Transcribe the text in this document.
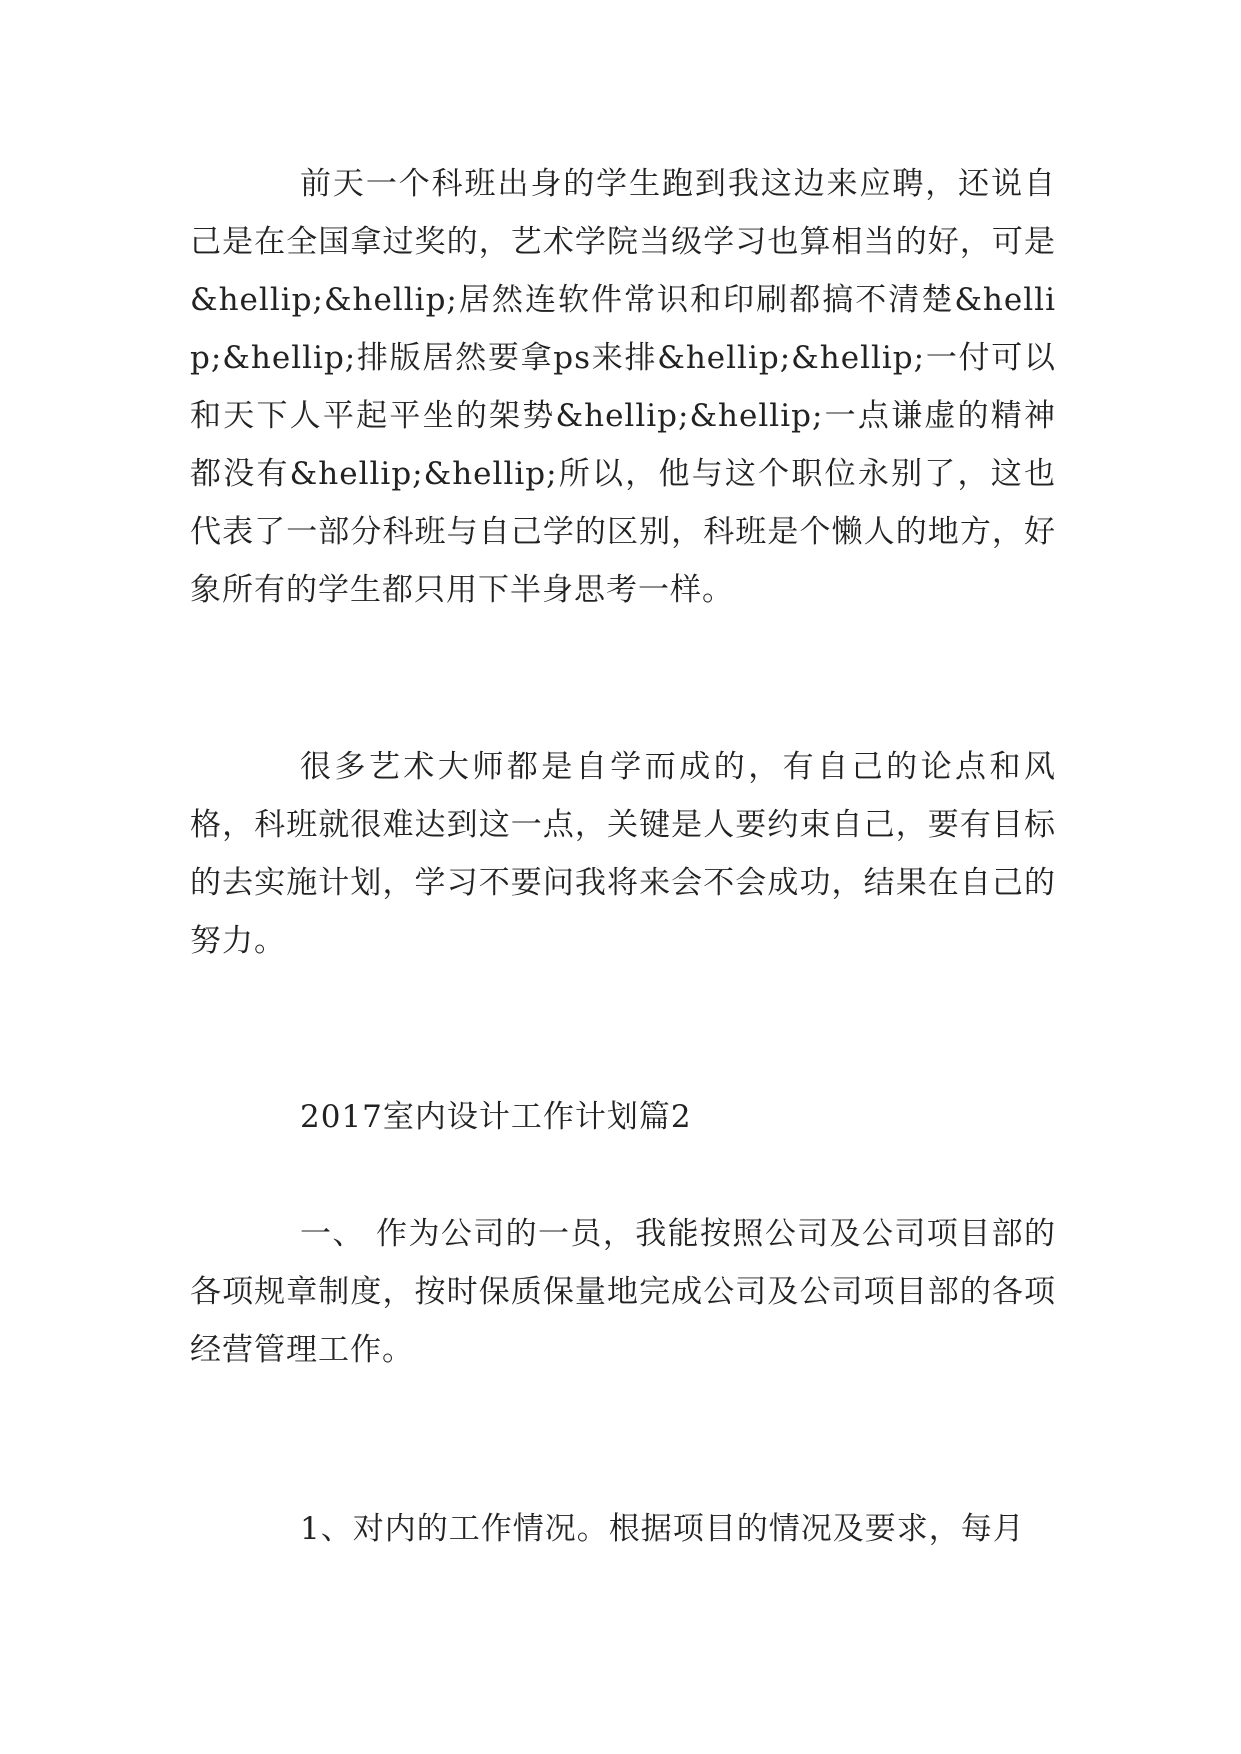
前天一个科班出身的学生跑到我这边来应聘，还说自己是在全国拿过奖的，艺术学院当级学习也算相当的好，可是&hellip;&hellip;居然连软件常识和印刷都搞不清楚&hellip;&hellip;排版居然要拿ps来排&hellip;&hellip;一付可以和天下人平起平坐的架势&hellip;&hellip;一点谦虚的精神都没有&hellip;&hellip;所以，他与这个职位永别了，这也代表了一部分科班与自己学的区别，科班是个懒人的地方，好象所有的学生都只用下半身思考一样。

很多艺术大师都是自学而成的，有自己的论点和风格，科班就很难达到这一点，关键是人要约束自己，要有目标的去实施计划，学习不要问我将来会不会成功，结果在自己的努力。

2017室内设计工作计划篇2

一、 作为公司的一员，我能按照公司及公司项目部的各项规章制度，按时保质保量地完成公司及公司项目部的各项经营管理工作。

1、对内的工作情况。根据项目的情况及要求，每月
